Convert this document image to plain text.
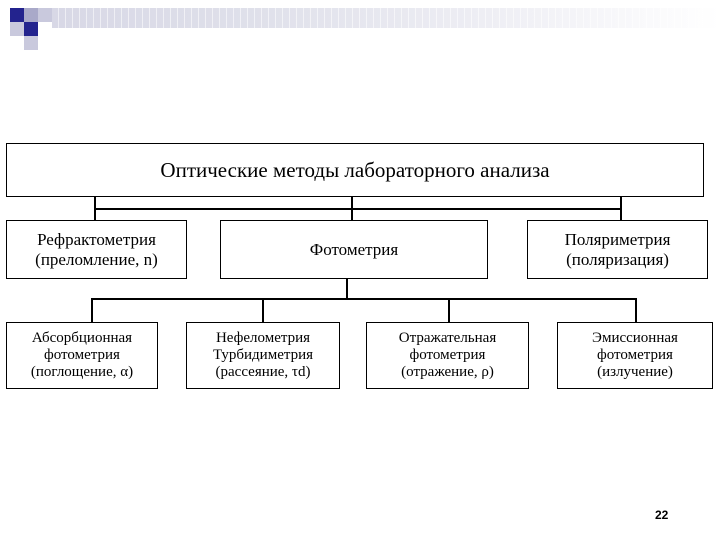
Оптические методы лабораторного анализа
Рефрактометрия
(преломление, n)
Фотометрия
Поляриметрия
(поляризация)
Абсорбционная
фотометрия
(поглощение, α)
Нефелометрия
Турбидиметрия
(рассеяние, τd)
Отражательная
фотометрия
(отражение, ρ)
Эмиссионная
фотометрия
(излучение)
22
